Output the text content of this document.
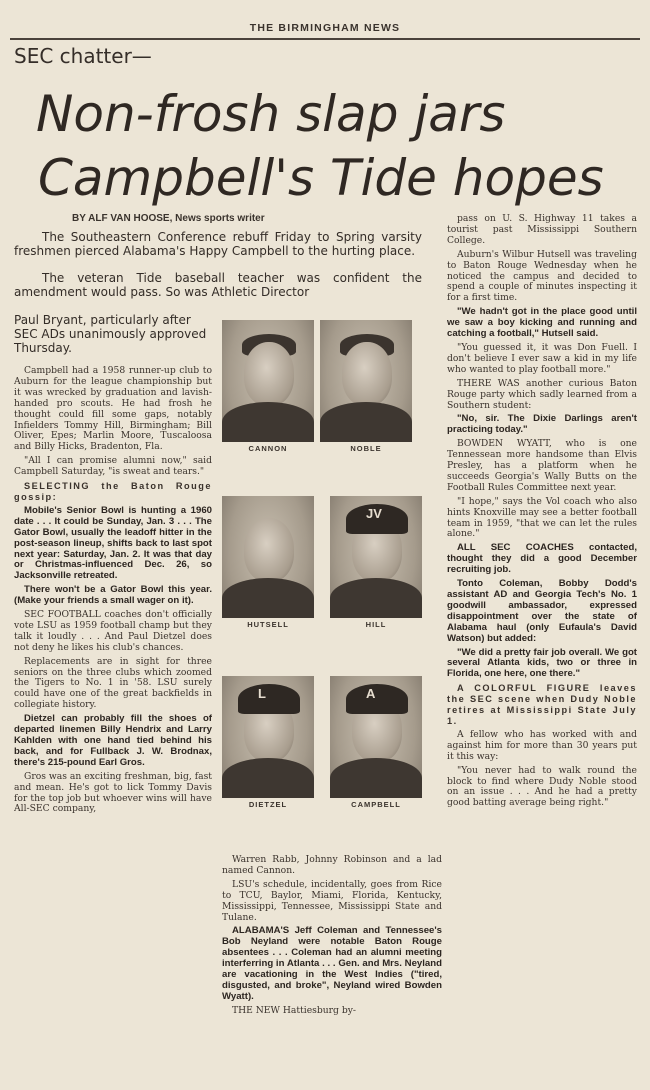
THE BIRMINGHAM NEWS
SEC chatter—
Non-frosh slap jars
Campbell's Tide hopes
BY ALF VAN HOOSE, News sports writer
The Southeastern Conference rebuff Friday to Spring varsity freshmen pierced Alabama's Happy Campbell to the hurting place.
The veteran Tide baseball teacher was confident the amendment would pass. So was Athletic Director
Paul Bryant, particularly after SEC ADs unanimously approved Thursday.

Campbell had a 1958 runner-up club to Auburn for the league championship but it was wrecked by graduation and lavish-handed pro scouts. He had frosh he thought could fill some gaps, notably Infielders Tommy Hill, Birmingham; Bill Oliver, Epes; Marlin Moore, Tuscaloosa and Billy Hicks, Bradenton, Fla.

"All I can promise alumni now," said Campbell Saturday, "is sweat and tears."

SELECTING the Baton Rouge gossip:

Mobile's Senior Bowl is hunting a 1960 date . . . It could be Sunday, Jan. 3 . . . The Gator Bowl, usually the leadoff hitter in the post-season lineup, shifts back to last spot next year: Saturday, Jan. 2. It was that day or Christmas-influenced Dec. 26, so Jacksonville retreated.

There won't be a Gator Bowl this year. (Make your friends a small wager on it).

SEC FOOTBALL coaches don't officially vote LSU as 1959 football champ but they talk it loudly . . . And Paul Dietzel does not deny he likes his club's chances.

Replacements are in sight for three seniors on the three clubs which zoomed the Tigers to No. 1 in '58. LSU surely could have one of the great backfields in collegiate history.

Dietzel can probably fill the shoes of departed linemen Billy Hendrix and Larry Kahlden with one hand tied behind his back, and for Fullback J. W. Brodnax, there's 215-pound Earl Gros.

Gros was an exciting freshman, big, fast and mean. He's got to lick Tommy Davis for the top job but whoever wins will have All-SEC company,

CANNON	NOBLE
HUTSELL
JV
HILL
L
DIETZEL
A
CAMPBELL

Warren Rabb, Johnny Robinson and a lad named Cannon.

LSU's schedule, incidentally, goes from Rice to TCU, Baylor, Miami, Florida, Kentucky, Mississippi, Tennessee, Mississippi State and Tulane.

ALABAMA'S Jeff Coleman and Tennessee's Bob Neyland were notable Baton Rouge absentees . . . Coleman had an alumni meeting interferring in Atlanta . . . Gen. and Mrs. Neyland are vacationing in the West Indies ("tired, disgusted, and broke", Neyland wired Bowden Wyatt).

THE NEW Hattiesburg by-

pass on U. S. Highway 11 takes a tourist past Mississippi Southern College.

Auburn's Wilbur Hutsell was traveling to Baton Rouge Wednesday when he noticed the campus and decided to spend a couple of minutes inspecting it for a first time.

"We hadn't got in the place good until we saw a boy kicking and running and catching a football," Hutsell said.

"You guessed it, it was Don Fuell. I don't believe I ever saw a kid in my life who wanted to play football more."

THERE WAS another curious Baton Rouge party which sadly learned from a Southern student:

"No, sir. The Dixie Darlings aren't practicing today."

BOWDEN WYATT, who is one Tennessean more handsome than Elvis Presley, has a platform when he succeeds Georgia's Wally Butts on the Football Rules Committee next year.

"I hope," says the Vol coach who also hints Knoxville may see a better football team in 1959, "that we can let the rules alone."

ALL SEC COACHES contacted, thought they did a good December recruiting job.

Tonto Coleman, Bobby Dodd's assistant AD and Georgia Tech's No. 1 goodwill ambassador, expressed disappointment over the state of Alabama haul (only Eufaula's David Watson) but added:

"We did a pretty fair job overall. We got several Atlanta kids, two or three in Florida, one here, one there."

A COLORFUL FIGURE leaves the SEC scene when Dudy Noble retires at Mississippi State July 1.

A fellow who has worked with and against him for more than 30 years put it this way:

"You never had to walk round the block to find where Dudy Noble stood on an issue . . . And he had a pretty good batting average being right."
